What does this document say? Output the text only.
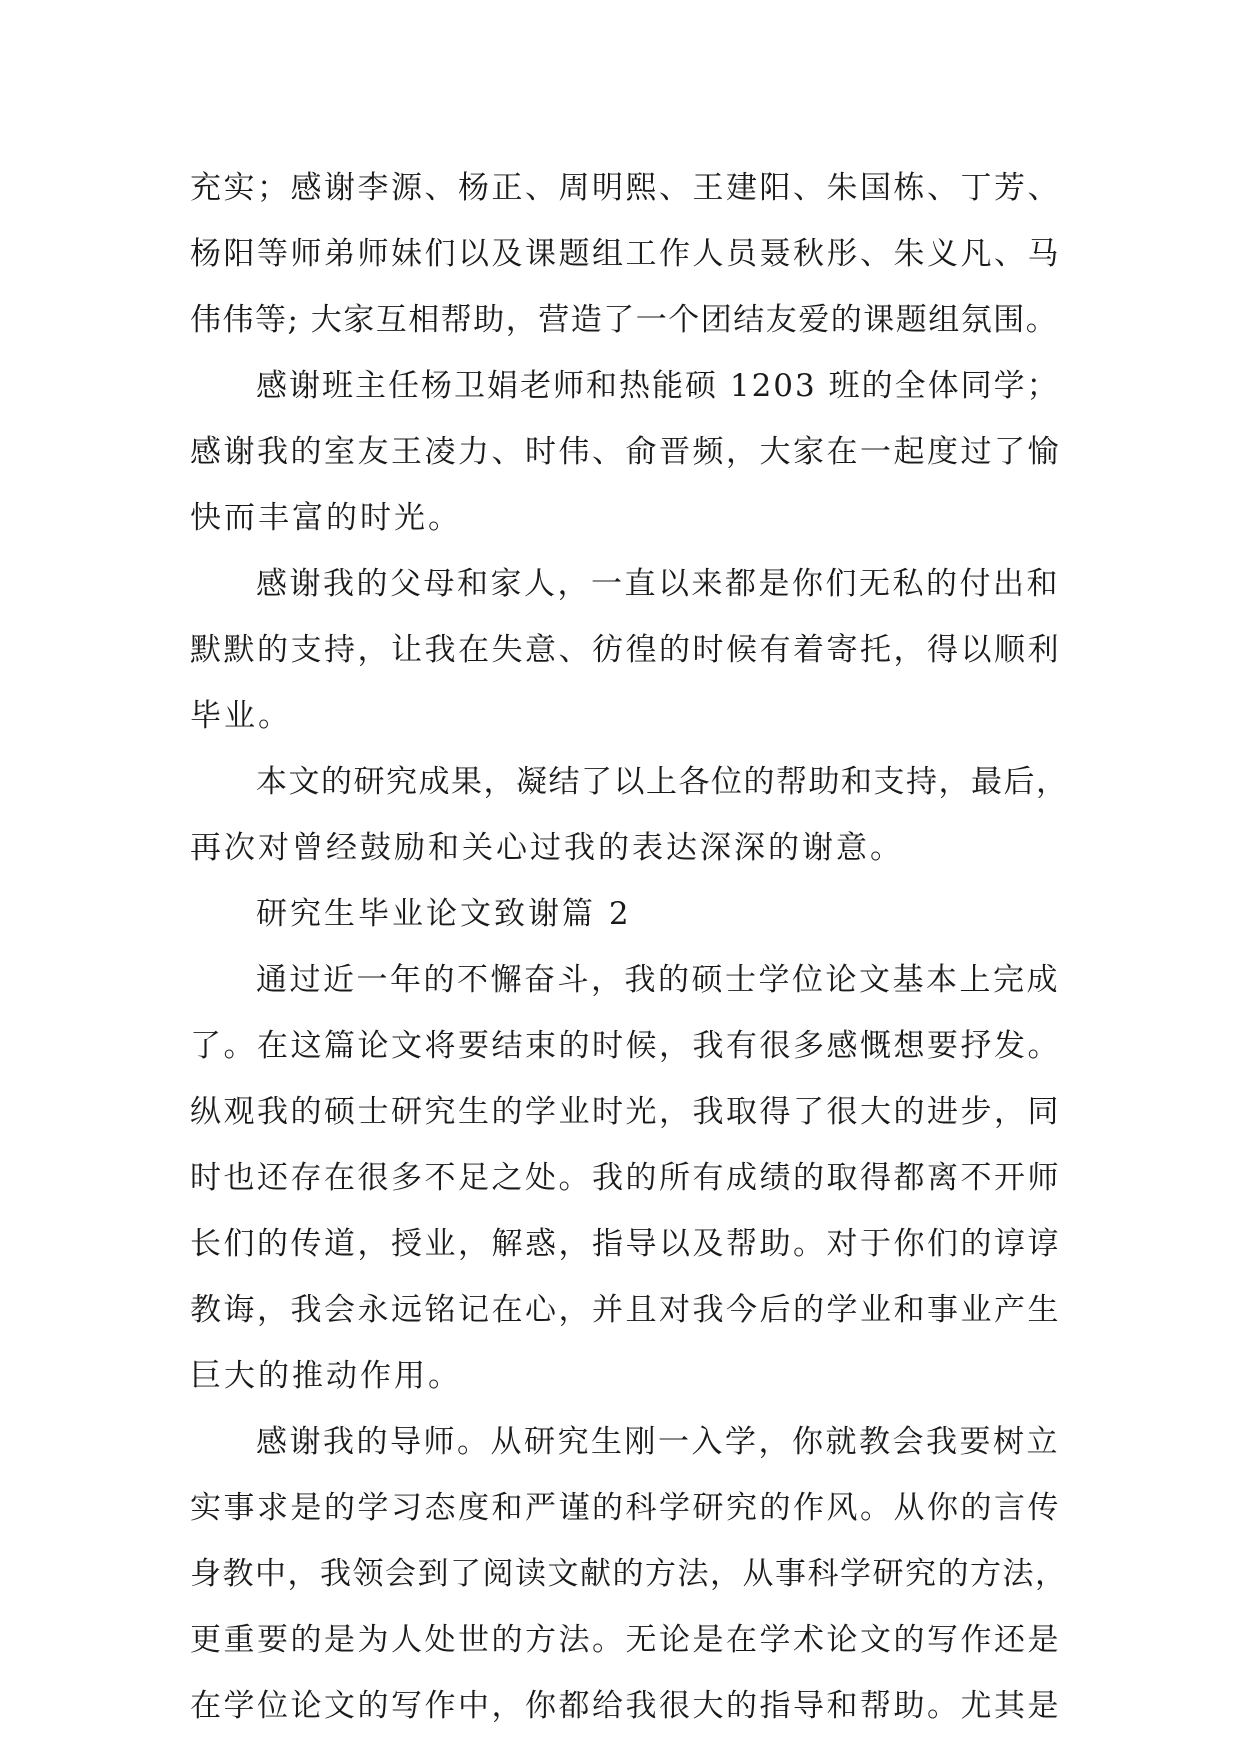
充实；感谢李源、杨正、周明熙、王建阳、朱国栋、丁芳、
杨阳等师弟师妹们以及课题组工作人员聂秋彤、朱义凡、马
伟伟等; 大家互相帮助，营造了一个团结友爱的课题组氛围。
感谢班主任杨卫娟老师和热能硕 1203 班的全体同学；
感谢我的室友王凌力、时伟、俞晋频，大家在一起度过了愉
快而丰富的时光。
感谢我的父母和家人，一直以来都是你们无私的付出和
默默的支持，让我在失意、彷徨的时候有着寄托，得以顺利
毕业。
本文的研究成果，凝结了以上各位的帮助和支持，最后，
再次对曾经鼓励和关心过我的表达深深的谢意。
研究生毕业论文致谢篇 2
通过近一年的不懈奋斗，我的硕士学位论文基本上完成
了。在这篇论文将要结束的时候，我有很多感慨想要抒发。
纵观我的硕士研究生的学业时光，我取得了很大的进步，同
时也还存在很多不足之处。我的所有成绩的取得都离不开师
长们的传道，授业，解惑，指导以及帮助。对于你们的谆谆
教诲，我会永远铭记在心，并且对我今后的学业和事业产生
巨大的推动作用。
感谢我的导师。从研究生刚一入学，你就教会我要树立
实事求是的学习态度和严谨的科学研究的作风。从你的言传
身教中，我领会到了阅读文献的方法，从事科学研究的方法，
更重要的是为人处世的方法。无论是在学术论文的写作还是
在学位论文的写作中，你都给我很大的指导和帮助。尤其是
